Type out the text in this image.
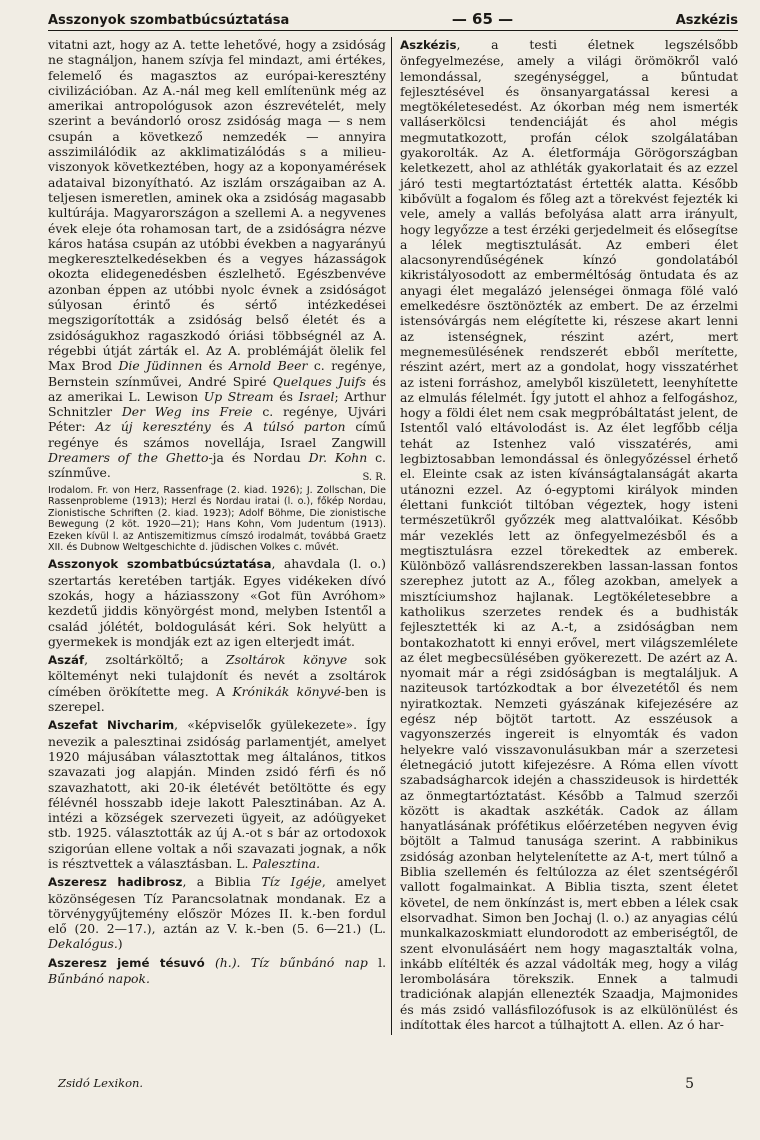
Asszonyok szombatbúcsúztatása	— 65 —	Aszkézis

vitatni azt, hogy az A. tette lehetővé, hogy a zsidóság ne stagnáljon, hanem szívja fel mindazt, ami értékes, felemelő és magasztos az európai-keresztény civilizációban. Az A.-nál meg kell említenünk még az amerikai antropológusok azon észrevételét, mely szerint a bevándorló orosz zsidóság maga — s nem csupán a következő nemzedék — annyira asszimilálódik az akklimatizálódás s a milieu-viszonyok következtében, hogy az a koponyamérések adataival bizonyítható. Az iszlám országaiban az A. teljesen ismeretlen, aminek oka a zsidóság magasabb kultúrája. Magyarországon a szellemi A. a negyvenes évek eleje óta rohamosan tart, de a zsidóságra nézve káros hatása csupán az utóbbi években a nagyarányú megkeresztelkedésekben és a vegyes házasságok okozta elidegenedésben észlelhető. Egészbenvéve azonban éppen az utóbbi nyolc évnek a zsidóságot súlyosan érintő és sértő intézkedései megszigorították a zsidóság belső életét és a zsidóságukhoz ragaszkodó óriási többségnél az A. régebbi útját zárták el. Az A. problémáját ölelik fel Max Brod Die Jüdinnen és Arnold Beer c. regénye, Bernstein színművei, André Spiré Quelques Juifs és az amerikai L. Lewison Up Stream és Israel; Arthur Schnitzler Der Weg ins Freie c. regénye, Ujvári Péter: Az új keresztény és A túlsó parton című regénye és számos novellája, Israel Zangwill Dreamers of the Ghetto-ja és Nordau Dr. Kohn c. színműve.	S. R.

Irodalom. Fr. von Herz, Rassenfrage (2. kiad. 1926); J. Zollschan, Die Rassenprobleme (1913); Herzl és Nordau iratai (l. o.), főkép Nordau, Zionistische Schriften (2. kiad. 1923); Adolf Böhme, Die zionistische Bewegung (2 köt. 1920—21); Hans Kohn, Vom Judentum (1913). Ezeken kívül l. az Antiszemitizmus címszó irodalmát, továbbá Graetz XII. és Dubnow Weltgeschichte d. jüdischen Volkes c. művét.

Asszonyok szombatbúcsúztatása, ahavdala (l. o.) szertartás keretében tartják. Egyes vidékeken dívó szokás, hogy a háziasszony «Got fün Avróhom» kezdetű jiddis könyörgést mond, melyben Istentől a család jólétét, boldogulását kéri. Sok helyütt a gyermekek is mondják ezt az igen elterjedt imát.

Aszáf, zsoltárköltő; a Zsoltárok könyve sok költeményt neki tulajdonít és nevét a zsoltárok címében örökítette meg. A Krónikák könyvé-ben is szerepel.

Aszefat Nivcharim, «képviselők gyülekezete». Így nevezik a palesztinai zsidóság parlamentjét, amelyet 1920 májusában választottak meg általános, titkos szavazati jog alapján. Minden zsidó férfi és nő szavazhatott, aki 20-ik életévét betöltötte és egy félévnél hosszabb ideje lakott Palesztinában. Az A. intézi a községek szervezeti ügyeit, az adóügyeket stb. 1925. választották az új A.-ot s bár az ortodoxok szigorúan ellene voltak a női szavazati jognak, a nők is résztvettek a választásban. L. Palesztina.

Aszeresz hadibrosz, a Biblia Tíz Igéje, amelyet közönségesen Tíz Parancsolatnak mondanak. Ez a törvénygyűjtemény először Mózes II. k.-ben fordul elő (20. 2—17.), aztán az V. k.-ben (5. 6—21.) (L. Dekalógus.)

Aszeresz jemé tésuvó (h.). Tíz bűnbánó nap l. Bűnbánó napok.

Aszkézis, a testi életnek legszélsőbb önfegyelmezése, amely a világi örömökről való lemondással, szegénységgel, a bűntudat fejlesztésével és önsanyargatással keresi a megtökéletesedést. Az ókorban még nem ismerték valláserkölcsi tendenciáját és ahol mégis megmutatkozott, profán célok szolgálatában gyakorolták. Az A. életformája Görögországban keletkezett, ahol az athléták gyakorlatait és az ezzel járó testi megtartóztatást értették alatta. Később kibővült a fogalom és főleg azt a törekvést fejezték ki vele, amely a vallás befolyása alatt arra irányult, hogy legyőzze a test érzéki gerjedelmeit és elősegítse a lélek megtisztulását. Az emberi élet alacsonyrendűségének kínzó gondolatából kikristályosodott az emberméltóság öntudata és az anyagi élet megalázó jelenségei önmaga fölé való emelkedésre ösztönözték az embert. De az érzelmi istensóvárgás nem elégítette ki, részese akart lenni az istenségnek, részint azért, mert megnemesülésének rendszerét ebből merítette, részint azért, mert az a gondolat, hogy visszatérhet az isteni forráshoz, amelyből kiszületett, leenyhítette az elmulás félelmét. Így jutott el ahhoz a felfogáshoz, hogy a földi élet nem csak megpróbáltatást jelent, de Istentől való eltávolodást is. Az élet legfőbb célja tehát az Istenhez való visszatérés, ami legbiztosabban lemondással és önlegyőzéssel érhető el. Eleinte csak az isten kívánságtalanságát akarta utánozni ezzel. Az ó-egyptomi királyok minden élettani funkciót tiltóban végeztek, hogy isteni természetükről győzzék meg alattvalóikat. Később már vezeklés lett az önfegyelmezésből és a megtisztulásra ezzel törekedtek az emberek. Különböző vallásrendszerekben lassan-lassan fontos szerephez jutott az A., főleg azokban, amelyek a misztíciumshoz hajlanak. Legtökéletesebbre a katholikus szerzetes rendek és a budhisták fejlesztették ki az A.-t, a zsidóságban nem bontakozhatott ki ennyi erővel, mert világszemlélete az élet megbecsülésében gyökerezett. De azért az A. nyomait már a régi zsidóságban is megtaláljuk. A naziteusok tartózkodtak a bor élvezetétől és nem nyiratkoztak. Nemzeti gyászának kifejezésére az egész nép böjtöt tartott. Az esszéusok a vagyonszerzés ingereit is elnyomták és vadon helyekre való visszavonulásukban már a szerzetesi életnegáció jutott kifejezésre. A Róma ellen vívott szabadságharcok idején a chasszideusok is hirdették az önmegtartóztatást. Később a Talmud szerzői között is akadtak aszkéták. Cadok az állam hanyatlásának prófétikus előérzetében negyven évig böjtölt a Talmud tanusága szerint. A rabbinikus zsidóság azonban helytelenítette az A-t, mert túlnő a Biblia szellemén és feltúlozza az élet szentségéről vallott fogalmainkat. A Biblia tiszta, szent életet követel, de nem önkínzást is, mert ebben a lélek csak elsorvadhat. Simon ben Jochaj (l. o.) az anyagias célú munkalkazoskmiatt elundorodott az emberiségtől, de szent elvonulásáért nem hogy magasztalták volna, inkább elítélték és azzal vádolták meg, hogy a világ lerombolására törekszik. Ennek a talmudi tradiciónak alapján ellenezték Szaadja, Majmonides és más zsidó vallásfilozófusok is az elkülönülést és indítottak éles harcot a túlhajtott A. ellen. Az ó har-

Zsidó Lexikon.	5
